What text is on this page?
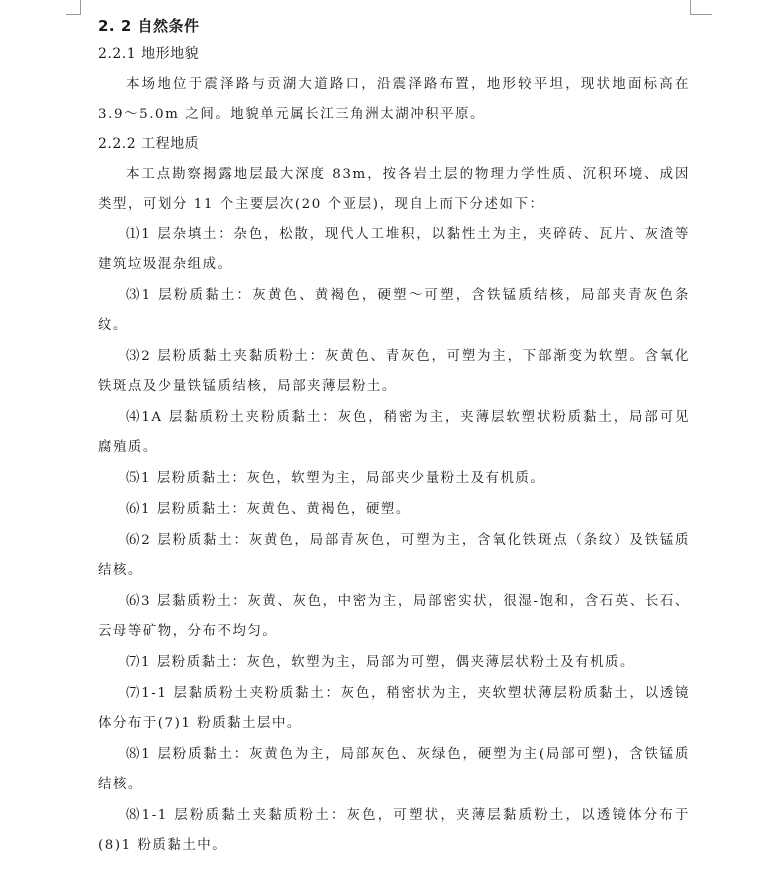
2. 2 自然条件
2.2.1 地形地貌

本场地位于震泽路与贡湖大道路口，沿震泽路布置，地形较平坦，现状地面标高在 3.9～5.0m 之间。地貌单元属长江三角洲太湖冲积平原。

2.2.2 工程地质

本工点勘察揭露地层最大深度 83m，按各岩土层的物理力学性质、沉积环境、成因类型，可划分 11 个主要层次(20 个亚层)，现自上而下分述如下：

⑴1 层杂填土：杂色，松散，现代人工堆积，以黏性土为主，夹碎砖、瓦片、灰渣等建筑垃圾混杂组成。

⑶1 层粉质黏土：灰黄色、黄褐色，硬塑～可塑，含铁锰质结核，局部夹青灰色条纹。

⑶2 层粉质黏土夹黏质粉土：灰黄色、青灰色，可塑为主，下部渐变为软塑。含氧化铁斑点及少量铁锰质结核，局部夹薄层粉土。

⑷1A 层黏质粉土夹粉质黏土：灰色，稍密为主，夹薄层软塑状粉质黏土，局部可见腐殖质。

⑸1 层粉质黏土：灰色，软塑为主，局部夹少量粉土及有机质。

⑹1 层粉质黏土：灰黄色、黄褐色，硬塑。

⑹2 层粉质黏土：灰黄色，局部青灰色，可塑为主，含氧化铁斑点（条纹）及铁锰质结核。

⑹3 层黏质粉土：灰黄、灰色，中密为主，局部密实状，很湿-饱和，含石英、长石、云母等矿物，分布不均匀。

⑺1 层粉质黏土：灰色，软塑为主，局部为可塑，偶夹薄层状粉土及有机质。

⑺1-1 层黏质粉土夹粉质黏土：灰色，稍密状为主，夹软塑状薄层粉质黏土，以透镜体分布于(7)1 粉质黏土层中。

⑻1 层粉质黏土：灰黄色为主，局部灰色、灰绿色，硬塑为主(局部可塑)，含铁锰质结核。

⑻1-1 层粉质黏土夹黏质粉土：灰色，可塑状，夹薄层黏质粉土，以透镜体分布于(8)1 粉质黏土中。
